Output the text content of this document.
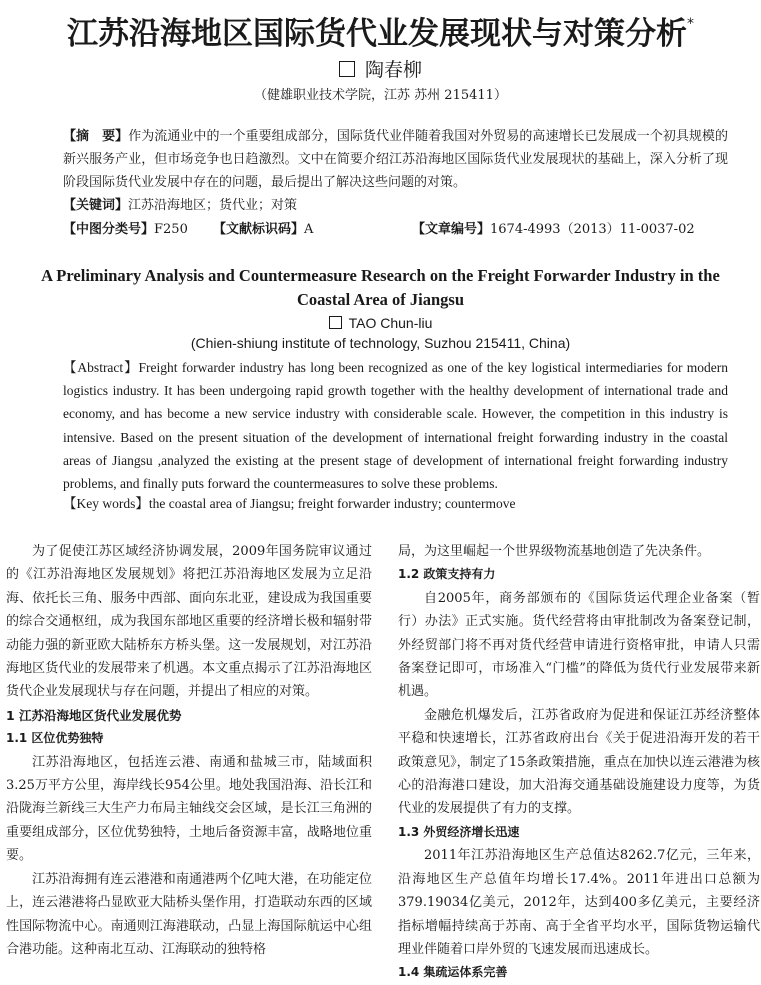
江苏沿海地区国际货代业发展现状与对策分析*
陶春柳
（健雄职业技术学院，江苏 苏州 215411）

【摘　要】作为流通业中的一个重要组成部分，国际货代业伴随着我国对外贸易的高速增长已发展成一个初具规模的新兴服务产业，但市场竞争也日趋激烈。文中在简要介绍江苏沿海地区国际货代业发展现状的基础上，深入分析了现阶段国际货代业发展中存在的问题，最后提出了解决这些问题的对策。

【关键词】江苏沿海地区；货代业；对策

【中图分类号】F250 【文献标识码】A	【文章编号】1674-4993（2013）11-0037-02
A Preliminary Analysis and Countermeasure Research on the Freight Forwarder Industry in the Coastal Area of Jiangsu
TAO Chun-liu
(Chien-shiung institute of technology, Suzhou 215411, China)

【Abstract】Freight forwarder industry has long been recognized as one of the key logistical intermediaries for modern logistics industry. It has been undergoing rapid growth together with the healthy development of international trade and economy, and has become a new service industry with considerable scale. However, the competition in this industry is intensive. Based on the present situation of the development of international freight forwarding industry in the coastal areas of Jiangsu ,analyzed the existing at the present stage of development of international freight forwarding industry problems, and finally puts forward the countermeasures to solve these problems.

【Key words】the coastal area of Jiangsu; freight forwarder industry; countermove

为了促使江苏区域经济协调发展，2009年国务院审议通过的《江苏沿海地区发展规划》将把江苏沿海地区发展为立足沿海、依托长三角、服务中西部、面向东北亚，建设成为我国重要的综合交通枢纽，成为我国东部地区重要的经济增长极和辐射带动能力强的新亚欧大陆桥东方桥头堡。这一发展规划，对江苏沿海地区货代业的发展带来了机遇。本文重点揭示了江苏沿海地区货代企业发展现状与存在问题，并提出了相应的对策。

1 江苏沿海地区货代业发展优势
1.1 区位优势独特

江苏沿海地区，包括连云港、南通和盐城三市，陆域面积3.25万平方公里，海岸线长954公里。地处我国沿海、沿长江和沿陇海兰新线三大生产力布局主轴线交会区域，是长江三角洲的重要组成部分，区位优势独特，土地后备资源丰富，战略地位重要。

江苏沿海拥有连云港港和南通港两个亿吨大港，在功能定位上，连云港港将凸显欧亚大陆桥头堡作用，打造联动东西的区域性国际物流中心。南通则江海港联动，凸显上海国际航运中心组合港功能。这种南北互动、江海联动的独特格

局，为这里崛起一个世界级物流基地创造了先决条件。

1.2 政策支持有力

自2005年，商务部颁布的《国际货运代理企业备案（暂行）办法》正式实施。货代经营将由审批制改为备案登记制，外经贸部门将不再对货代经营申请进行资格审批，申请人只需备案登记即可，市场准入“门槛”的降低为货代行业发展带来新机遇。

金融危机爆发后，江苏省政府为促进和保证江苏经济整体平稳和快速增长，江苏省政府出台《关于促进沿海开发的若干政策意见》，制定了15条政策措施，重点在加快以连云港港为核心的沿海港口建设，加大沿海交通基础设施建设力度等，为货代业的发展提供了有力的支撑。

1.3 外贸经济增长迅速

2011年江苏沿海地区生产总值达8262.7亿元，三年来，沿海地区生产总值年均增长17.4%。2011年进出口总额为379.19034亿美元，2012年，达到400多亿美元，主要经济指标增幅持续高于苏南、高于全省平均水平，国际货物运输代理业伴随着口岸外贸的飞速发展而迅速成长。

1.4 集疏运体系完善
